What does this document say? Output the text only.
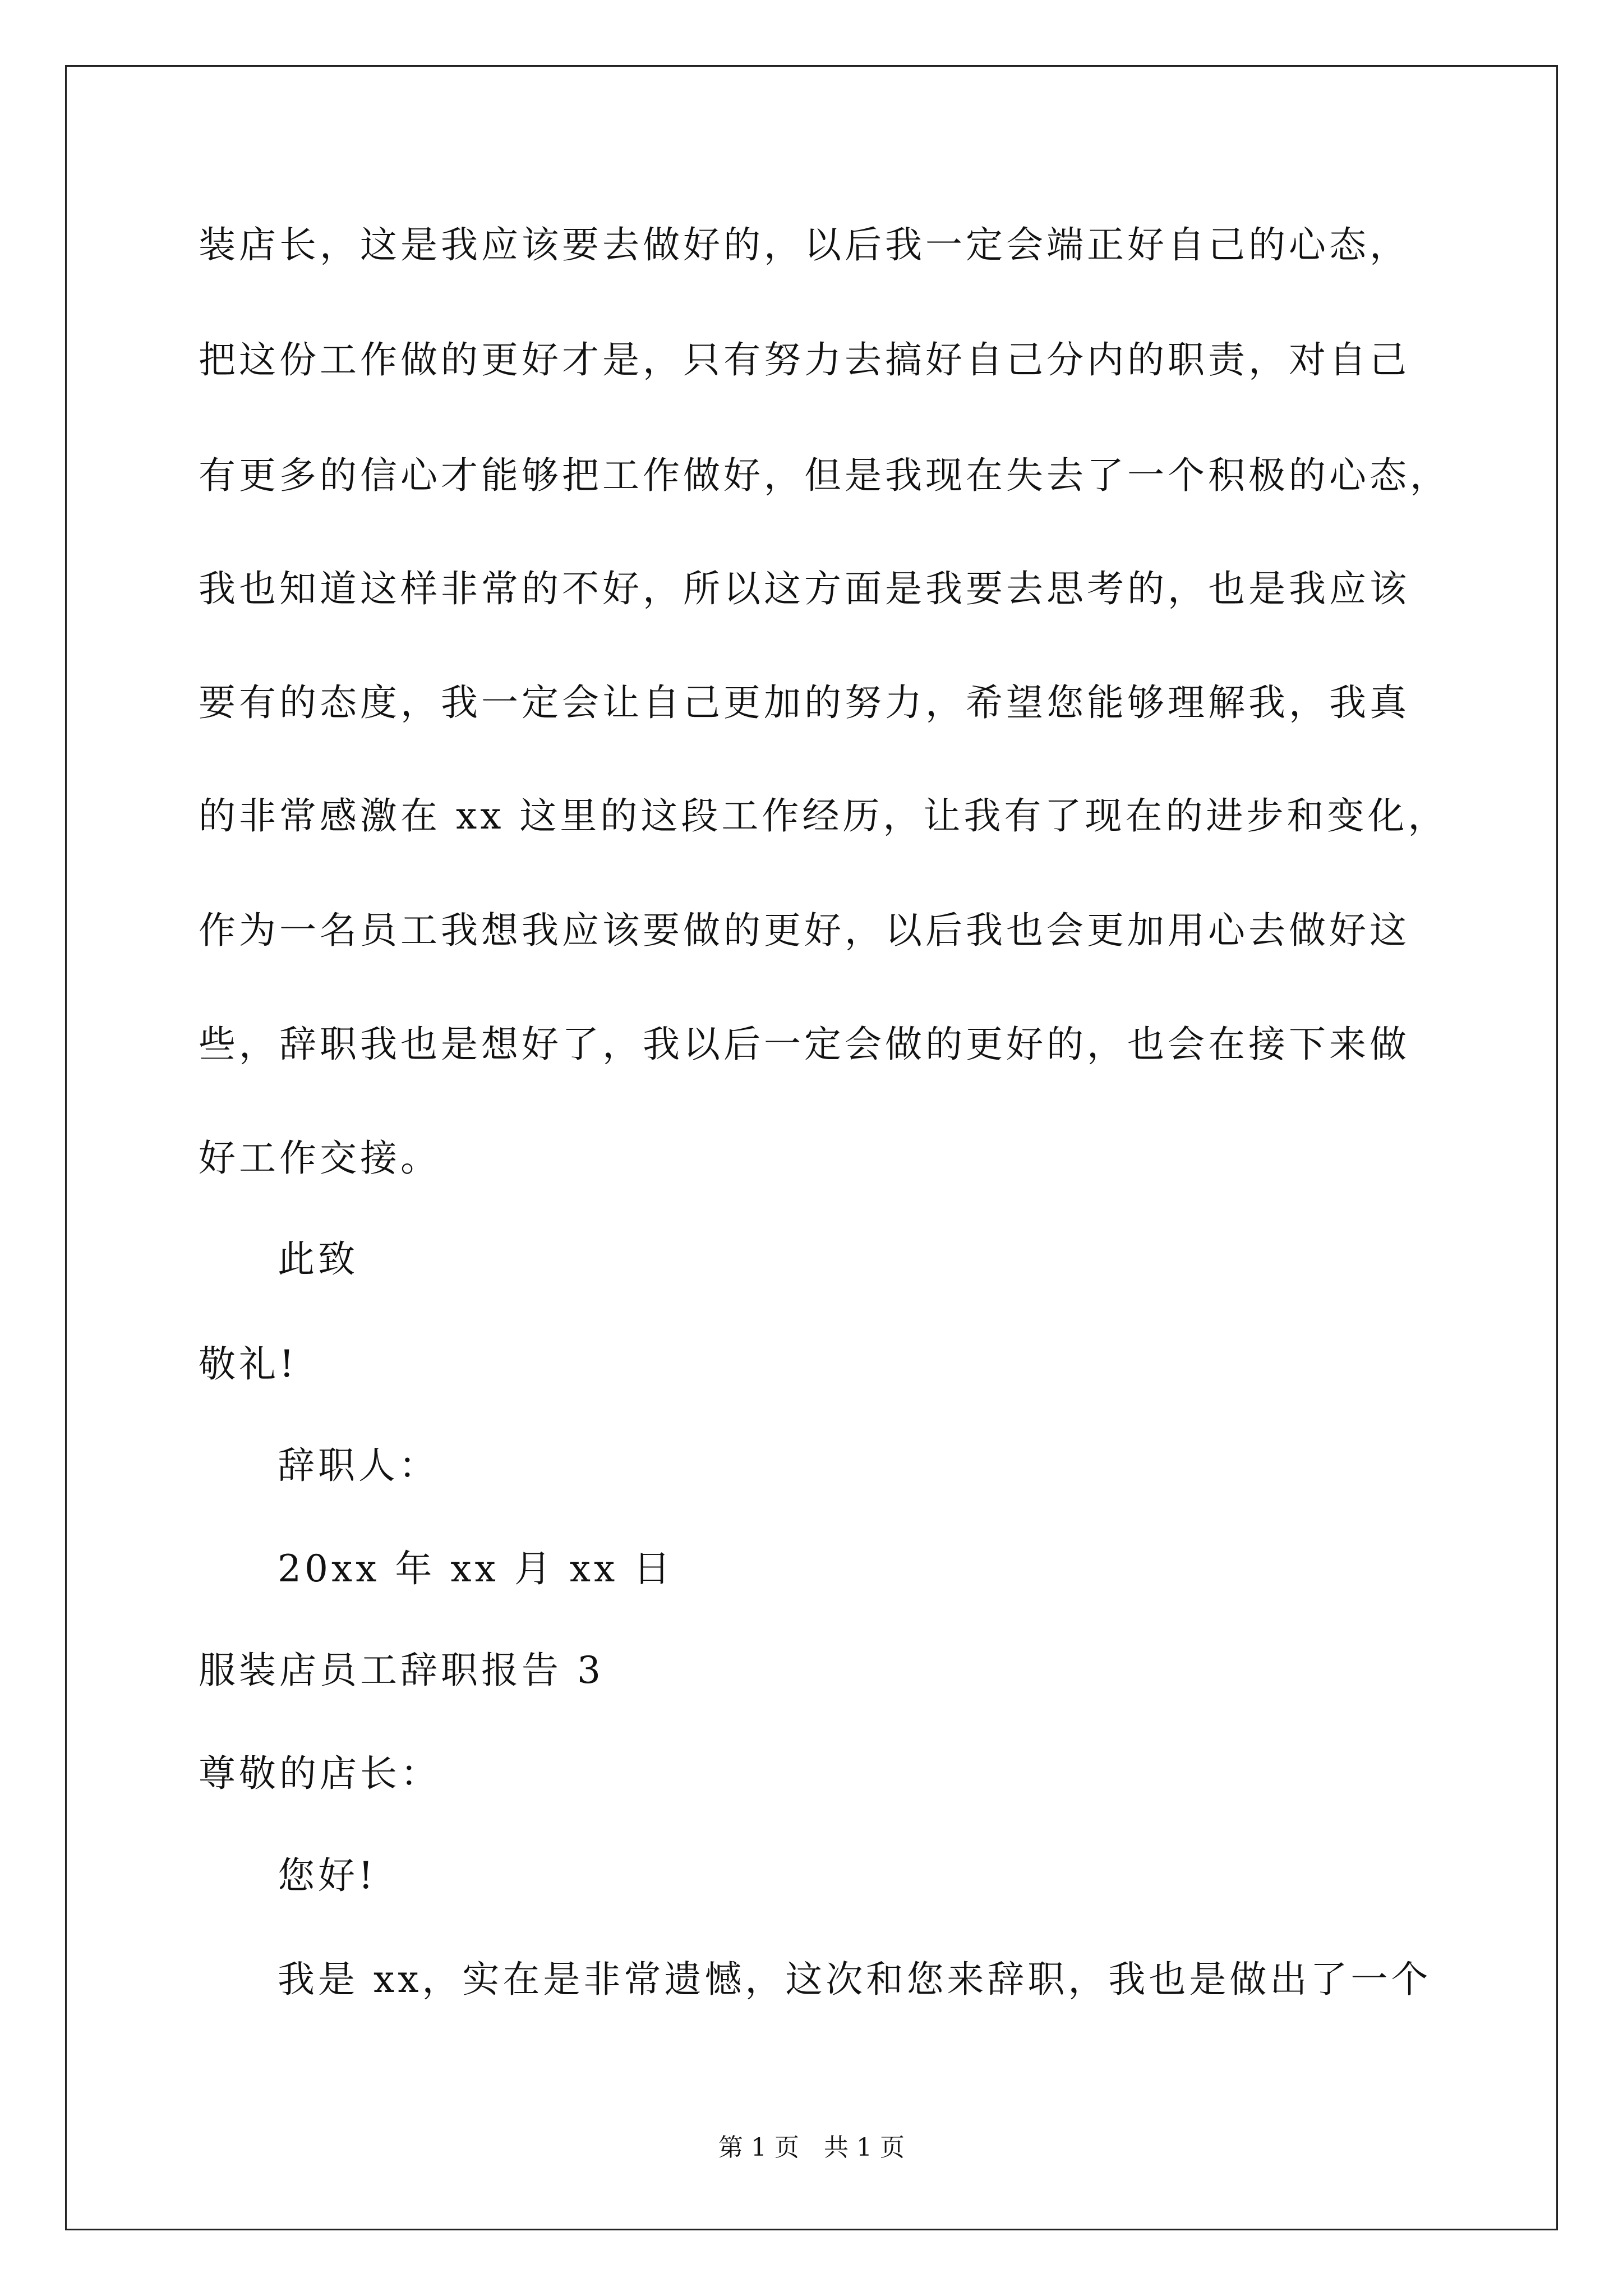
装店长，这是我应该要去做好的，以后我一定会端正好自己的心态，
把这份工作做的更好才是，只有努力去搞好自己分内的职责，对自己
有更多的信心才能够把工作做好，但是我现在失去了一个积极的心态，
我也知道这样非常的不好，所以这方面是我要去思考的，也是我应该
要有的态度，我一定会让自己更加的努力，希望您能够理解我，我真
的非常感激在 xx 这里的这段工作经历，让我有了现在的进步和变化，
作为一名员工我想我应该要做的更好，以后我也会更加用心去做好这
些，辞职我也是想好了，我以后一定会做的更好的，也会在接下来做
好工作交接。
此致
敬礼!
辞职人：
20xx 年 xx 月 xx 日
服装店员工辞职报告 3
尊敬的店长：
您好!
我是 xx，实在是非常遗憾，这次和您来辞职，我也是做出了一个
第 1 页　共 1 页
